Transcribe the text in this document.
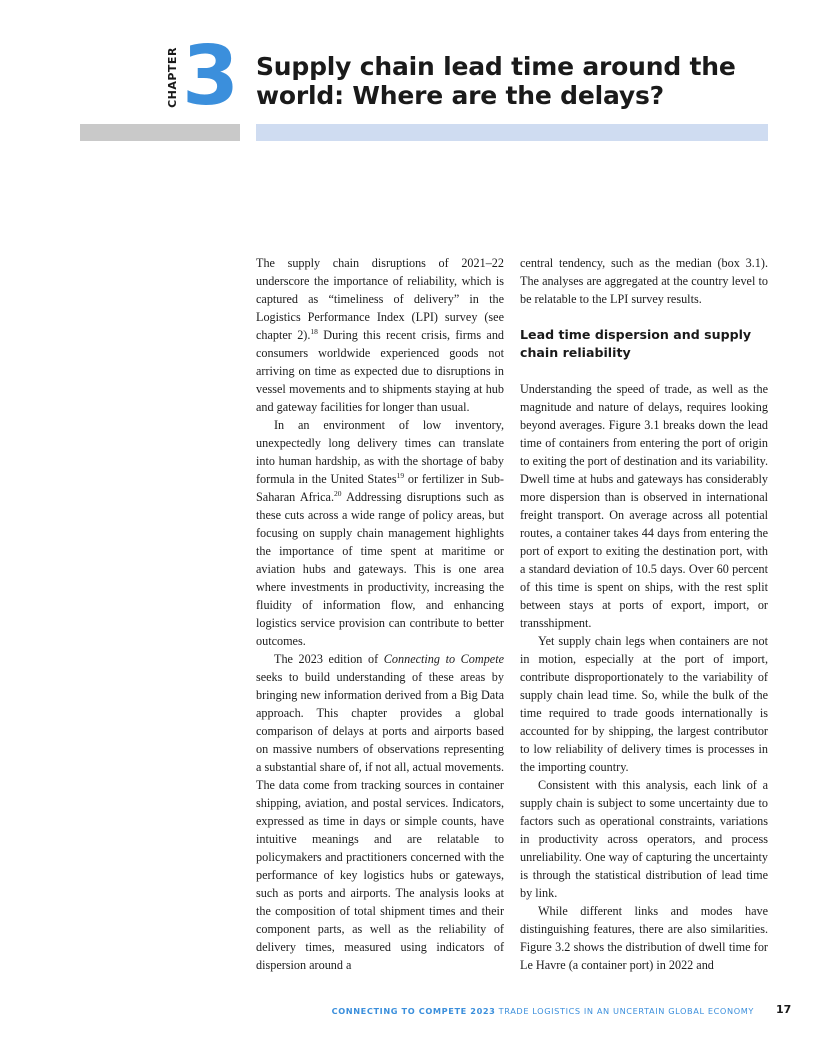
CHAPTER 3 Supply chain lead time around the
world: Where are the delays?

The supply chain disruptions of 2021–22 underscore the importance of reliability, which is captured as “timeliness of delivery” in the Logistics Performance Index (LPI) survey (see chapter 2).$^{18}$ During this recent crisis, firms and consumers worldwide experienced goods not arriving on time as expected due to disruptions in vessel movements and to shipments staying at hub and gateway facilities for longer than usual.

In an environment of low inventory, unexpectedly long delivery times can translate into human hardship, as with the shortage of baby formula in the United States$^{19}$ or fertilizer in Sub-Saharan Africa.$^{20}$ Addressing disruptions such as these cuts across a wide range of policy areas, but focusing on supply chain management highlights the importance of time spent at maritime or aviation hubs and gateways. This is one area where investments in productivity, increasing the fluidity of information flow, and enhancing logistics service provision can contribute to better outcomes.

The 2023 edition of Connecting to Compete seeks to build understanding of these areas by bringing new information derived from a Big Data approach. This chapter provides a global comparison of delays at ports and airports based on massive numbers of observations representing a substantial share of, if not all, actual movements. The data come from tracking sources in container shipping, aviation, and postal services. Indicators, expressed as time in days or simple counts, have intuitive meanings and are relatable to policymakers and practitioners concerned with the performance of key logistics hubs or gateways, such as ports and airports. The analysis looks at the composition of total shipment times and their component parts, as well as the reliability of delivery times, measured using indicators of dispersion around a

central tendency, such as the median (box 3.1). The analyses are aggregated at the country level to be relatable to the LPI survey results.

Lead time dispersion and supply chain reliability

Understanding the speed of trade, as well as the magnitude and nature of delays, requires looking beyond averages. Figure 3.1 breaks down the lead time of containers from entering the port of origin to exiting the port of destination and its variability. Dwell time at hubs and gateways has considerably more dispersion than is observed in international freight transport. On average across all potential routes, a container takes 44 days from entering the port of export to exiting the destination port, with a standard deviation of 10.5 days. Over 60 percent of this time is spent on ships, with the rest split between stays at ports of export, import, or transshipment.

Yet supply chain legs when containers are not in motion, especially at the port of import, contribute disproportionately to the variability of supply chain lead time. So, while the bulk of the time required to trade goods internationally is accounted for by shipping, the largest contributor to low reliability of delivery times is processes in the importing country.

Consistent with this analysis, each link of a supply chain is subject to some uncertainty due to factors such as operational constraints, variations in productivity across operators, and process unreliability. One way of capturing the uncertainty is through the statistical distribution of lead time by link.

While different links and modes have distinguishing features, there are also similarities. Figure 3.2 shows the distribution of dwell time for Le Havre (a container port) in 2022 and

CONNECTING TO COMPETE 2023 TRADE LOGISTICS IN AN UNCERTAIN GLOBAL ECONOMY 17
